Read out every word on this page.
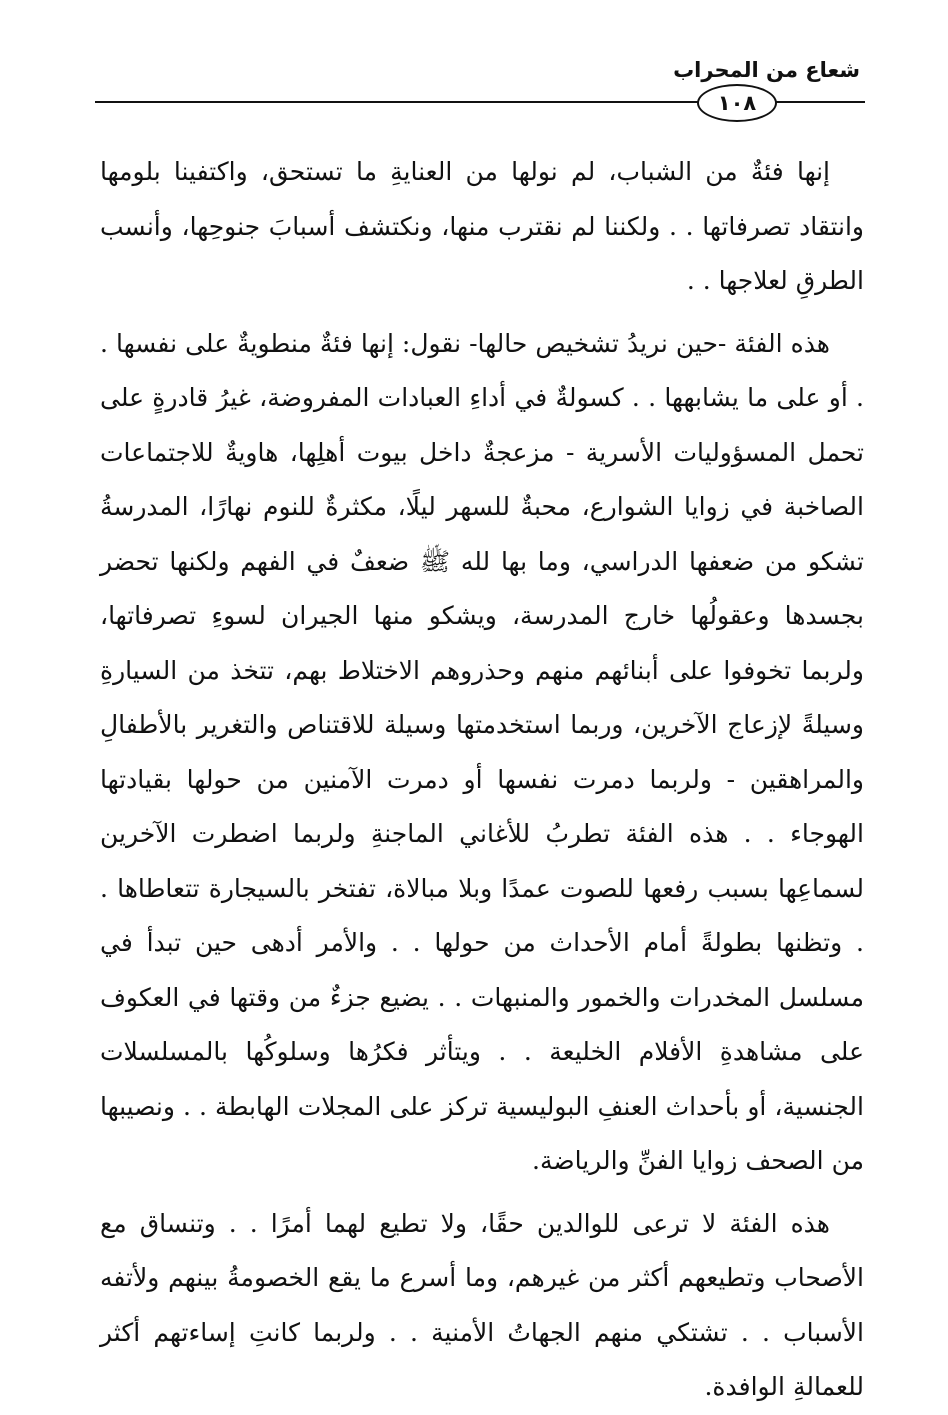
شعاع من المحراب
١٠٨

إنها فئةٌ من الشباب، لم نولها من العنايةِ ما تستحق، واكتفينا بلومها وانتقاد تصرفاتها . . ولكننا لم نقترب منها، ونكتشف أسبابَ جنوحِها، وأنسب الطرقِ لعلاجها . .

هذه الفئة -حين نريدُ تشخيص حالها- نقول: إنها فئةٌ منطويةٌ على نفسها . . أو على ما يشابهها . . كسولةٌ في أداءِ العبادات المفروضة، غيرُ قادرةٍ على تحمل المسؤوليات الأسرية - مزعجةٌ داخل بيوت أهلِها، هاويةٌ للاجتماعات الصاخبة في زوايا الشوارع، محبةٌ للسهر ليلًا، مكثرةٌ للنوم نهارًا، المدرسةُ تشكو من ضعفها الدراسي، وما بها لله ﷺ ضعفٌ في الفهم ولكنها تحضر بجسدها وعقولُها خارج المدرسة، ويشكو منها الجيران لسوءِ تصرفاتها، ولربما تخوفوا على أبنائهم منهم وحذروهم الاختلاط بهم، تتخذ من السيارةِ وسيلةً لإزعاج الآخرين، وربما استخدمتها وسيلة للاقتناص والتغرير بالأطفالِ والمراهقين - ولربما دمرت نفسها أو دمرت الآمنين من حولها بقيادتها الهوجاء . . هذه الفئة تطربُ للأغاني الماجنةِ ولربما اضطرت الآخرين لسماعِها بسبب رفعها للصوت عمدًا وبلا مبالاة، تفتخر بالسيجارة تتعاطاها . . وتظنها بطولةً أمام الأحداث من حولها . . والأمر أدهى حين تبدأ في مسلسل المخدرات والخمور والمنبهات . . يضيع جزءٌ من وقتها في العكوف على مشاهدةِ الأفلام الخليعة . . ويتأثر فكرُها وسلوكُها بالمسلسلات الجنسية، أو بأحداث العنفِ البوليسية تركز على المجلات الهابطة . . ونصيبها من الصحف زوايا الفنِّ والرياضة.

هذه الفئة لا ترعى للوالدين حقًا، ولا تطيع لهما أمرًا . . وتنساق مع الأصحاب وتطيعهم أكثر من غيرهم، وما أسرع ما يقع الخصومةُ بينهم ولأتفه الأسباب . . تشتكي منهم الجهاتُ الأمنية . . ولربما كانتِ إساءتهم أكثر للعمالةِ الوافدة.
